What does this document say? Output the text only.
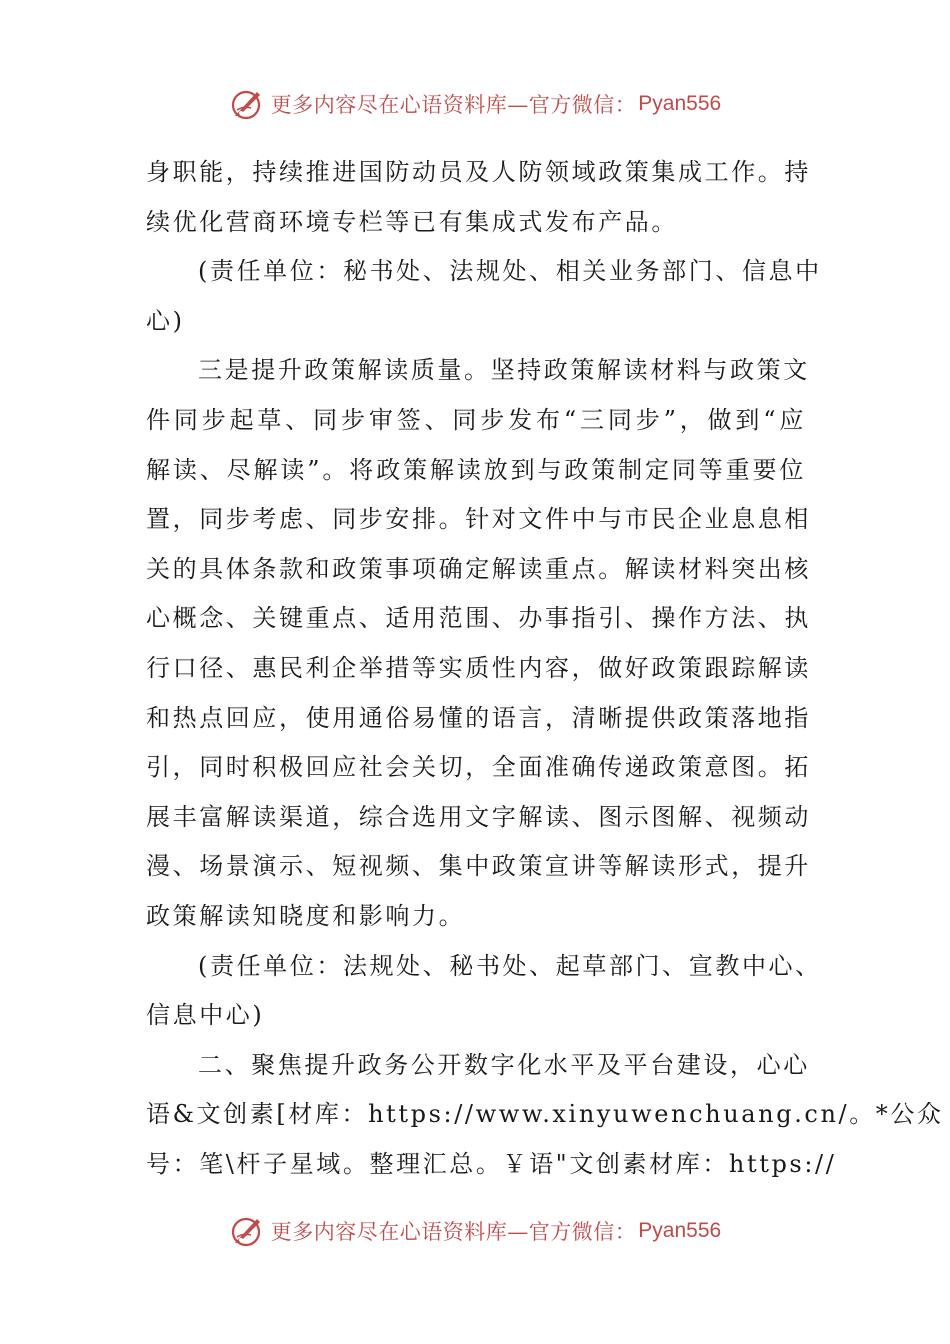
更多内容尽在心语资料库—官方微信： Pyan556
身职能，持续推进国防动员及人防领域政策集成工作。持
续优化营商环境专栏等已有集成式发布产品。
(责任单位：秘书处、法规处、相关业务部门、信息中
心)
三是提升政策解读质量。坚持政策解读材料与政策文
件同步起草、同步审签、同步发布“三同步”，做到“应
解读、尽解读”。将政策解读放到与政策制定同等重要位
置，同步考虑、同步安排。针对文件中与市民企业息息相
关的具体条款和政策事项确定解读重点。解读材料突出核
心概念、关键重点、适用范围、办事指引、操作方法、执
行口径、惠民利企举措等实质性内容，做好政策跟踪解读
和热点回应，使用通俗易懂的语言，清晰提供政策落地指
引，同时积极回应社会关切，全面准确传递政策意图。拓
展丰富解读渠道，综合选用文字解读、图示图解、视频动
漫、场景演示、短视频、集中政策宣讲等解读形式，提升
政策解读知晓度和影响力。
(责任单位：法规处、秘书处、起草部门、宣教中心、
信息中心)
二、聚焦提升政务公开数字化水平及平台建设，心心
语&文创素[材库：https://www.xinyuwenchuang.cn/。*公众
号：笔\杆子星域。整理汇总。￥语"文创素材库：https://
更多内容尽在心语资料库—官方微信： Pyan556
